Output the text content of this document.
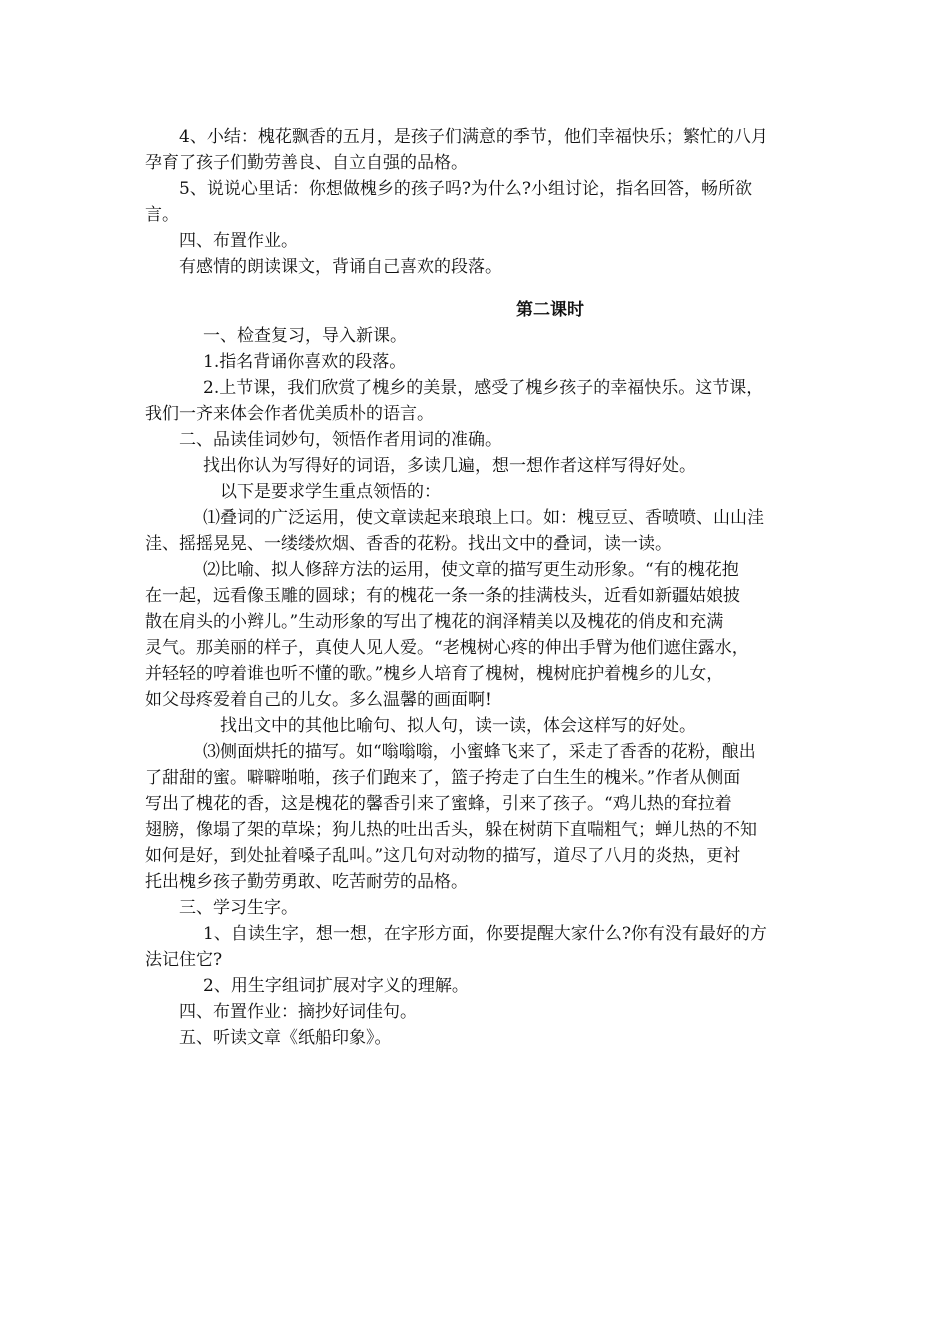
4、小结：槐花飘香的五月，是孩子们满意的季节，他们幸福快乐；繁忙的八月
孕育了孩子们勤劳善良、自立自强的品格。
5、说说心里话：你想做槐乡的孩子吗?为什么?小组讨论，指名回答，畅所欲
言。
四、布置作业。
有感情的朗读课文，背诵自己喜欢的段落。
第二课时
一、检查复习，导入新课。
1.指名背诵你喜欢的段落。
2.上节课，我们欣赏了槐乡的美景，感受了槐乡孩子的幸福快乐。这节课，
我们一齐来体会作者优美质朴的语言。
二、品读佳词妙句，领悟作者用词的准确。
找出你认为写得好的词语，多读几遍，想一想作者这样写得好处。
以下是要求学生重点领悟的：
⑴叠词的广泛运用，使文章读起来琅琅上口。如：槐豆豆、香喷喷、山山洼
洼、摇摇晃晃、一缕缕炊烟、香香的花粉。找出文中的叠词，读一读。
⑵比喻、拟人修辞方法的运用，使文章的描写更生动形象。“有的槐花抱
在一起，远看像玉雕的圆球；有的槐花一条一条的挂满枝头，近看如新疆姑娘披
散在肩头的小辫儿。”生动形象的写出了槐花的润泽精美以及槐花的俏皮和充满
灵气。那美丽的样子，真使人见人爱。“老槐树心疼的伸出手臂为他们遮住露水，
并轻轻的哼着谁也听不懂的歌。”槐乡人培育了槐树，槐树庇护着槐乡的儿女，
如父母疼爱着自己的儿女。多么温馨的画面啊!
找出文中的其他比喻句、拟人句，读一读，体会这样写的好处。
⑶侧面烘托的描写。如“嗡嗡嗡，小蜜蜂飞来了，采走了香香的花粉，酿出
了甜甜的蜜。噼噼啪啪，孩子们跑来了，篮子挎走了白生生的槐米。”作者从侧面
写出了槐花的香，这是槐花的馨香引来了蜜蜂，引来了孩子。“鸡儿热的耷拉着
翅膀，像塌了架的草垛；狗儿热的吐出舌头，躲在树荫下直喘粗气；蝉儿热的不知
如何是好，到处扯着嗓子乱叫。”这几句对动物的描写，道尽了八月的炎热，更衬
托出槐乡孩子勤劳勇敢、吃苦耐劳的品格。
三、学习生字。
1、自读生字，想一想，在字形方面，你要提醒大家什么?你有没有最好的方
法记住它?
2、用生字组词扩展对字义的理解。
四、布置作业：摘抄好词佳句。
五、听读文章《纸船印象》。
